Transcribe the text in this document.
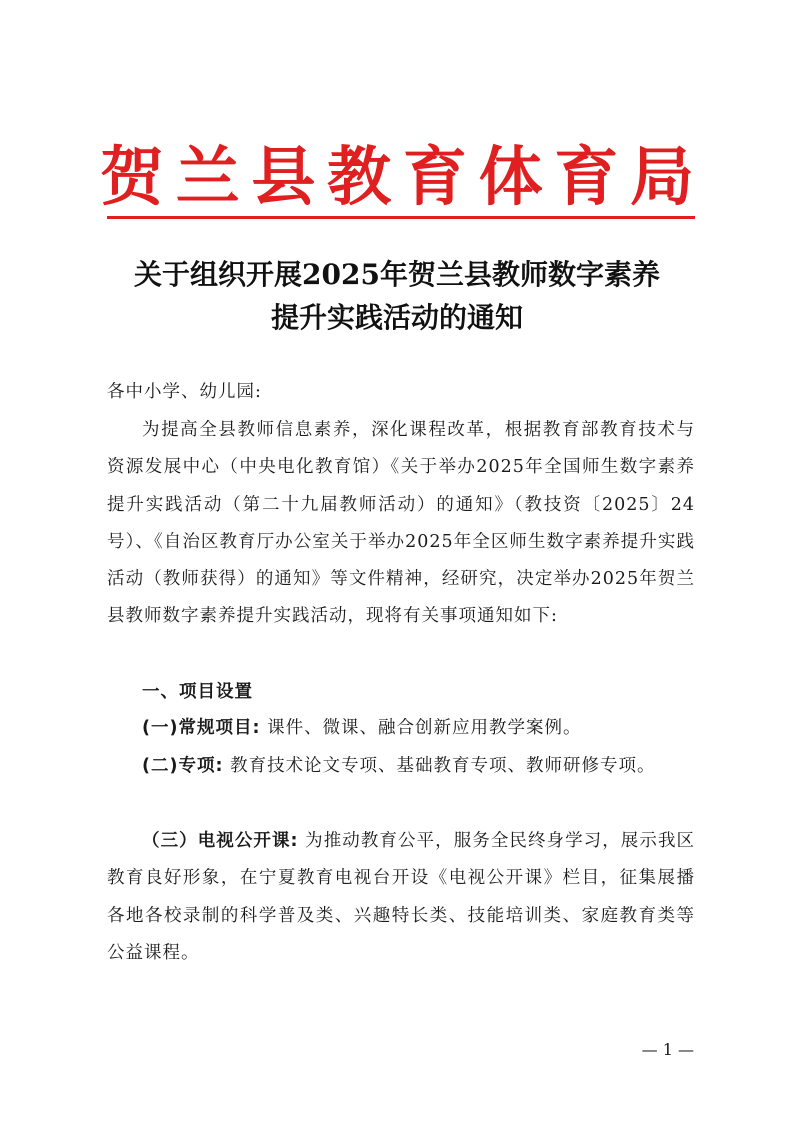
贺兰县教育体育局
关于组织开展2025年贺兰县教师数字素养
提升实践活动的通知
各中小学、幼儿园:
为提高全县教师信息素养，深化课程改革，根据教育部教育技术与资源发展中心（中央电化教育馆）《关于举办2025年全国师生数字素养提升实践活动（第二十九届教师活动）的通知》（教技资〔2025〕24号）、《自治区教育厅办公室关于举办2025年全区师生数字素养提升实践活动（教师获得）的通知》等文件精神，经研究，决定举办2025年贺兰县教师数字素养提升实践活动，现将有关事项通知如下:
一、项目设置
(一)常规项目: 课件、微课、融合创新应用教学案例。
(二)专项: 教育技术论文专项、基础教育专项、教师研修专项。
（三）电视公开课: 为推动教育公平，服务全民终身学习，展示我区教育良好形象，在宁夏教育电视台开设《电视公开课》栏目，征集展播各地各校录制的科学普及类、兴趣特长类、技能培训类、家庭教育类等公益课程。
— 1 —
